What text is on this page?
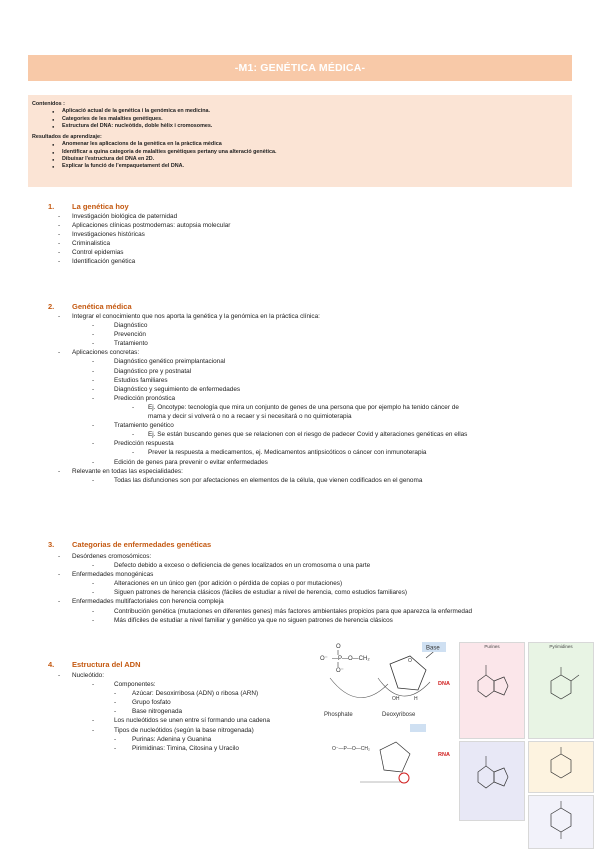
-M1: GENÉTICA MÉDICA-
Contenidos :
● Aplicació actual de la genética i la genómica en medicina.
● Categories de les malalties genétiques.
● Estructura del DNA: nucleòtids, doble hèlix i cromosomes.
Resultados de aprendizaje:
● Anomenar les aplicacions de la genètica en la pràctica mèdica
● Identificar a quina categoria de malalties genètiques pertany una alteració genètica.
● Dibuixar l'estructura del DNA en 2D.
● Explicar la funció de l'empaquetament del DNA.
1. La genética hoy
- Investigación biológica de paternidad
- Aplicaciones clínicas postmodernas: autopsia molecular
- Investigaciones históricas
- Criminalistica
- Control epidemias
- Identificación genética
2. Genética médica
- Integrar el conocimiento que nos aporta la genética y la genómica en la práctica clínica:
- Diagnóstico
- Prevención
- Tratamiento
- Aplicaciones concretas:
- Diagnóstico genético preimplantacional
- Diagnóstico pre y postnatal
- Estudios familiares
- Diagnóstico y seguimiento de enfermedades
- Predicción pronóstica
- Ej. Oncotype: tecnología que mira un conjunto de genes de una persona que por ejemplo ha tenido cáncer de
mama y decir si volverá o no a recaer y si necesitará o no quimioterapia
- Tratamiento genético
- Ej. Se están buscando genes que se relacionen con el riesgo de padecer Covid y alteraciones genéticas en ellas
- Predicción respuesta
- Prever la respuesta a medicamentos, ej. Medicamentos antipsicóticos o cáncer con inmunoterapia
- Edición de genes para prevenir o evitar enfermedades
- Relevante en todas las especialidades:
- Todas las disfunciones son por afectaciones en elementos de la célula, que vienen codificados en el genoma
3. Categorias de enfermedades genéticas
- Desórdenes cromosómicos:
- Defecto debido a exceso o deficiencia de genes localizados en un cromosoma o una parte
- Enfermedades monogénicas
- Alteraciones en un único gen (por adición o pérdida de copias o por mutaciones)
- Siguen patrones de herencia clásicos (fáciles de estudiar a nivel de herencia, como estudios familiares)
- Enfermedades multifactoriales con herencia compleja
- Contribución genética (mutaciones en diferentes genes) más factores ambientales propicios para que aparezca la enfermedad
- Más difíciles de estudiar a nivel familiar y genético ya que no siguen patrones de herencia clásicos
4. Estructura del ADN
- Nucleótido:
- Componentes:
- Azúcar: Desoxirribosa (ADN) o ribosa (ARN)
- Grupo fosfato
- Base nitrogenada
- Los nucleótidos se unen entre sí formando una cadena
- Tipos de nucleótidos (según la base nitrogenada)
- Purinas: Adenina y Guanina
- Pirimidinas: Timina, Citosina y Uracilo
O⁻ —P—O—CH₂
O
O⁻
O
OH	H
Base
Phosphate	Deoxyribose
O⁻—P—O—CH₂
DNA
RNA
Purines	Pyrimidines
